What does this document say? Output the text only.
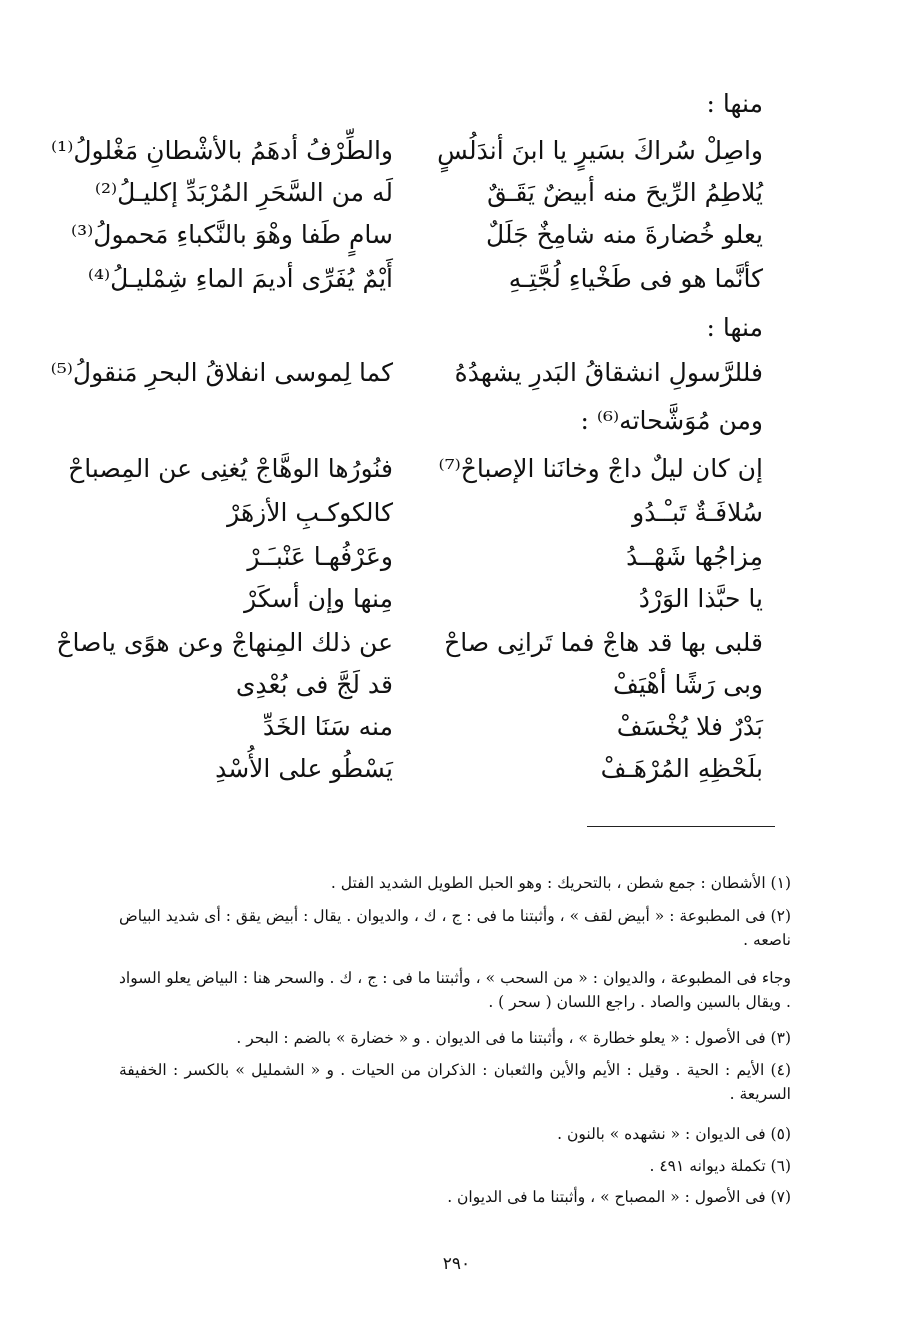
منها :
واصِلْ سُراكَ بسَيرٍ يا ابنَ أندَلُسٍ
والطِّرْفُ أدهَمُ بالأشْطانِ مَغْلولُ⁽¹⁾
يُلاطِمُ الرِّيحَ منه أبيضٌ يَقَـقٌ
لَه من السَّحَرِ المُرْبَدِّ إكليـلُ⁽²⁾
يعلو خُضارةَ منه شامِخٌ جَلَلٌ
سامٍ طَفا وهْوَ بالنَّكباءِ مَحمولُ⁽³⁾
كأنَّما هو فى طَخْياءِ لُجَّتِـهِ
أَيْمٌ يُفَرِّى أديمَ الماءِ شِمْليـلُ⁽⁴⁾
منها :
فللرَّسولِ انشقاقُ البَدرِ يشهدُهُ
كما لِموسى انفلاقُ البحرِ مَنقولُ⁽⁵⁾
ومن مُوَشَّحاته⁽⁶⁾ :
إن كان ليلٌ داجْ وخانَنا الإصباحْ⁽⁷⁾
فنُورُها الوهَّاجْ يُغنِى عن المِصباحْ
سُلافَـةٌ تَبـْـدُو
كالكوكـبِ الأزهَرْ
مِزاجُها شَهْــدُ
وعَرْفُهـا عَنْبـَـرْ
يا حبَّذا الوَرْدُ
مِنها وإن أسكَرْ
قلبى بها قد هاجْ فما تَرانِى صاحْ
عن ذلك المِنهاجْ وعن هوًى ياصاحْ
وبى رَشًا أهْيَفْ
قد لَجَّ فى بُعْدِى
بَدْرٌ فلا يُخْسَفْ
منه سَنَا الخَدِّ
بلَحْظِهِ المُرْهَـفْ
يَسْطُو على الأُسْدِ
(١) الأشطان : جمع شطن ، بالتحريك : وهو الحبل الطويل الشديد الفتل .
(٢) فى المطبوعة : « أبيض لقف » ، وأثبتنا ما فى : ج ، ك ، والديوان . يقال : أبيض يقق : أى شديد البياض ناصعه .
وجاء فى المطبوعة ، والديوان : « من السحب » ، وأثبتنا ما فى : ج ، ك . والسحر هنا : البياض يعلو السواد . ويقال بالسين والصاد . راجع اللسان ( سحر ) .
(٣) فى الأصول : « يعلو خطارة » ، وأثبتنا ما فى الديوان . و « خضارة » بالضم : البحر .
(٤) الأيم : الحية . وقيل : الأيم والأين والثعبان : الذكران من الحيات . و « الشمليل » بالكسر : الخفيفة السريعة .
(٥) فى الديوان : « نشهده » بالنون .
(٦) تكملة ديوانه ٤٩١ .
(٧) فى الأصول : « المصباح » ، وأثبتنا ما فى الديوان .
٢٩٠
